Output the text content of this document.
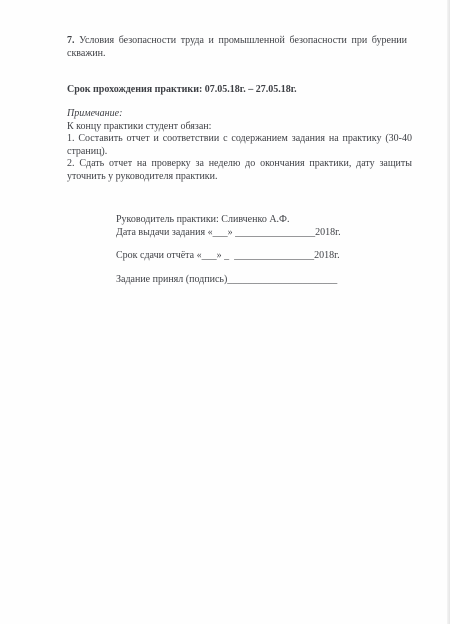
7. Условия безопасности труда и промышленной безопасности при бурении скважин.
Срок прохождения практики: 07.05.18г. – 27.05.18г.
Примечание:
К концу практики студент обязан:
1. Составить отчет и соответствии с содержанием задания на практику (30-40 страниц).
2. Сдать отчет на проверку за неделю до окончания практики, дату защиты уточнить у руководителя практики.
Руководитель практики: Сливченко А.Ф.
Дата выдачи задания «___» ________________2018г.
Срок сдачи отчёта «___» _  ________________2018г.
Задание принял (подпись)______________________
